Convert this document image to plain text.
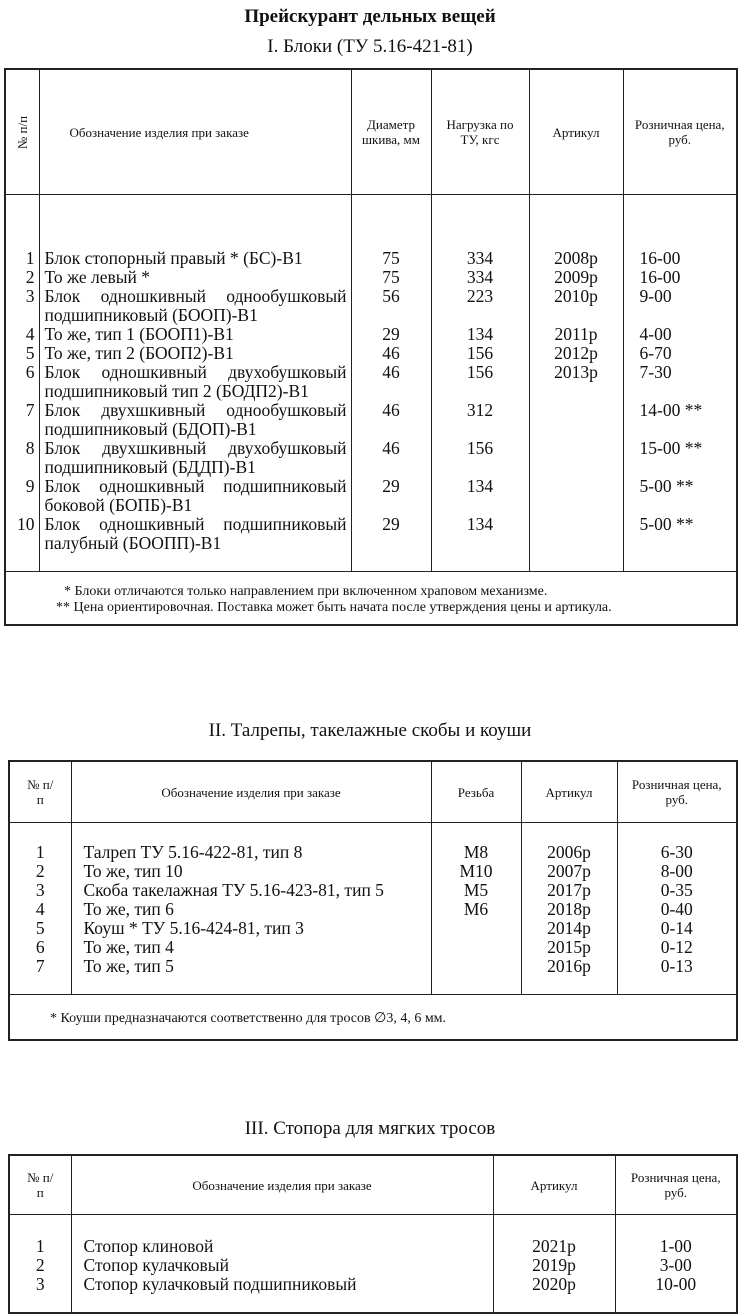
Прейскурант дельных вещей
I. Блоки (ТУ 5.16-421-81)
№ п/п	Обозначение изделия при заказе	Диаметр шкива, мм	Нагрузка по ТУ, кгс	Артикул	Розничная цена, руб.
1	Блок стопорный правый * (БС)-В1	75	334	2008р	16-00
2	То же левый *	75	334	2009р	16-00
3	Блок одношкивный однообушковый подшипниковый (БООП)-В1	56	223	2010р	9-00
4	То же, тип 1 (БООП1)-В1	29	134	2011р	4-00
5	То же, тип 2 (БООП2)-В1	46	156	2012р	6-70
6	Блок одношкивный двухобушковый подшипниковый тип 2 (БОДП2)-В1	46	156	2013р	7-30
7	Блок двухшкивный однообушковый подшипниковый (БДОП)-В1	46	312		14-00 **
8	Блок двухшкивный двухобушковый подшипниковый (БДДП)-В1	46	156		15-00 **
9	Блок одношкивный подшипниковый боковой (БОПБ)-В1	29	134		5-00 **
10	Блок одношкивный подшипниковый палубный (БООПП)-В1	29	134		5-00 **

* Блоки отличаются только направлением при включенном храповом механизме.
** Цена ориентировочная. Поставка может быть начата после утверждения цены и артикула.					
II. Талрепы, такелажные скобы и коуши
№ п/п	Обозначение изделия при заказе	Резьба	Артикул	Розничная цена, руб.
1	Талреп ТУ 5.16-422-81, тип 8	М8	2006р	6-30
2	То же, тип 10	М10	2007р	8-00
3	Скоба такелажная ТУ 5.16-423-81, тип 5	М5	2017р	0-35
4	То же, тип 6	М6	2018р	0-40
5	Коуш * ТУ 5.16-424-81, тип 3		2014р	0-14
6	То же, тип 4		2015р	0-12
7	То же, тип 5		2016р	0-13
* Коуши предназначаются соответственно для тросов ∅3, 4, 6 мм.				
III. Стопора для мягких тросов
№ п/п	Обозначение изделия при заказе	Артикул	Розничная цена, руб.
1	Стопор клиновой	2021р	1-00
2	Стопор кулачковый	2019р	3-00
3	Стопор кулачковый подшипниковый	2020р	10-00
